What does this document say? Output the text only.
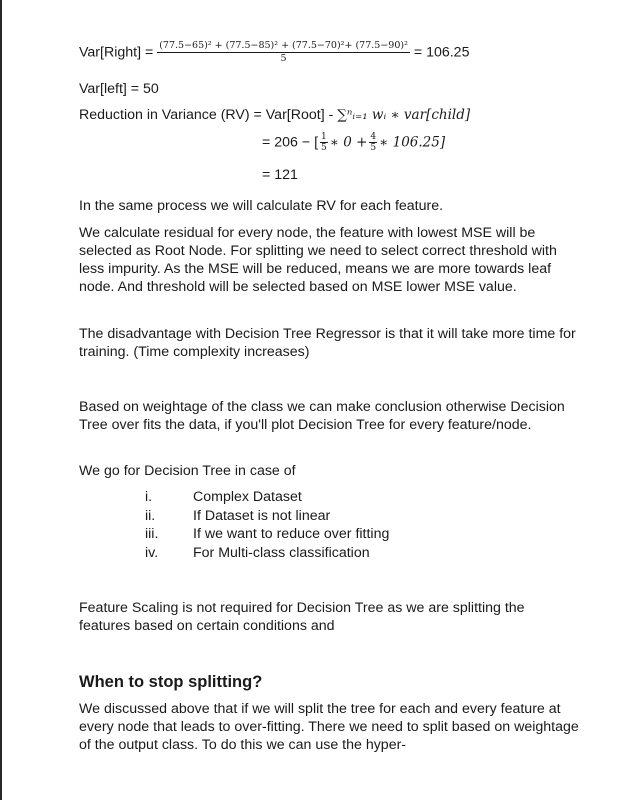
Var[Right] = $\frac{\text{(77.5−65)² + (77.5−85)² + (77.5−70)²+ (77.5−90)²}}{5} = 106.25$
Var[left] = 50
Reduction in Variance (RV) = Var[Root] - ∑ⁿᵢ₌₁ wᵢ ∗ var[child]
= 206 − [ $\frac{1}{5}$ ∗ $0 + \frac{4}{5}$ ∗ 106.25]
= 121
In the same process we will calculate RV for each feature.
We calculate residual for every node, the feature with lowest MSE will be selected as Root Node. For splitting we need to select correct threshold with less impurity. As the MSE will be reduced, means we are more towards leaf node. And threshold will be selected based on MSE lower MSE value.
The disadvantage with Decision Tree Regressor is that it will take more time for training. (Time complexity increases)
Based on weightage of the class we can make conclusion otherwise Decision Tree over fits the data, if you'll plot Decision Tree for every feature/node.
We go for Decision Tree in case of
i.	Complex Dataset
ii.	If Dataset is not linear
iii. If we want to reduce over fitting
iv. For Multi-class classification
Feature Scaling is not required for Decision Tree as we are splitting the features based on certain conditions and
When to stop splitting?
We discussed above that if we will split the tree for each and every feature at every node that leads to over-fitting. There we need to split based on weightage of the output class. To do this we can use the hyper-
